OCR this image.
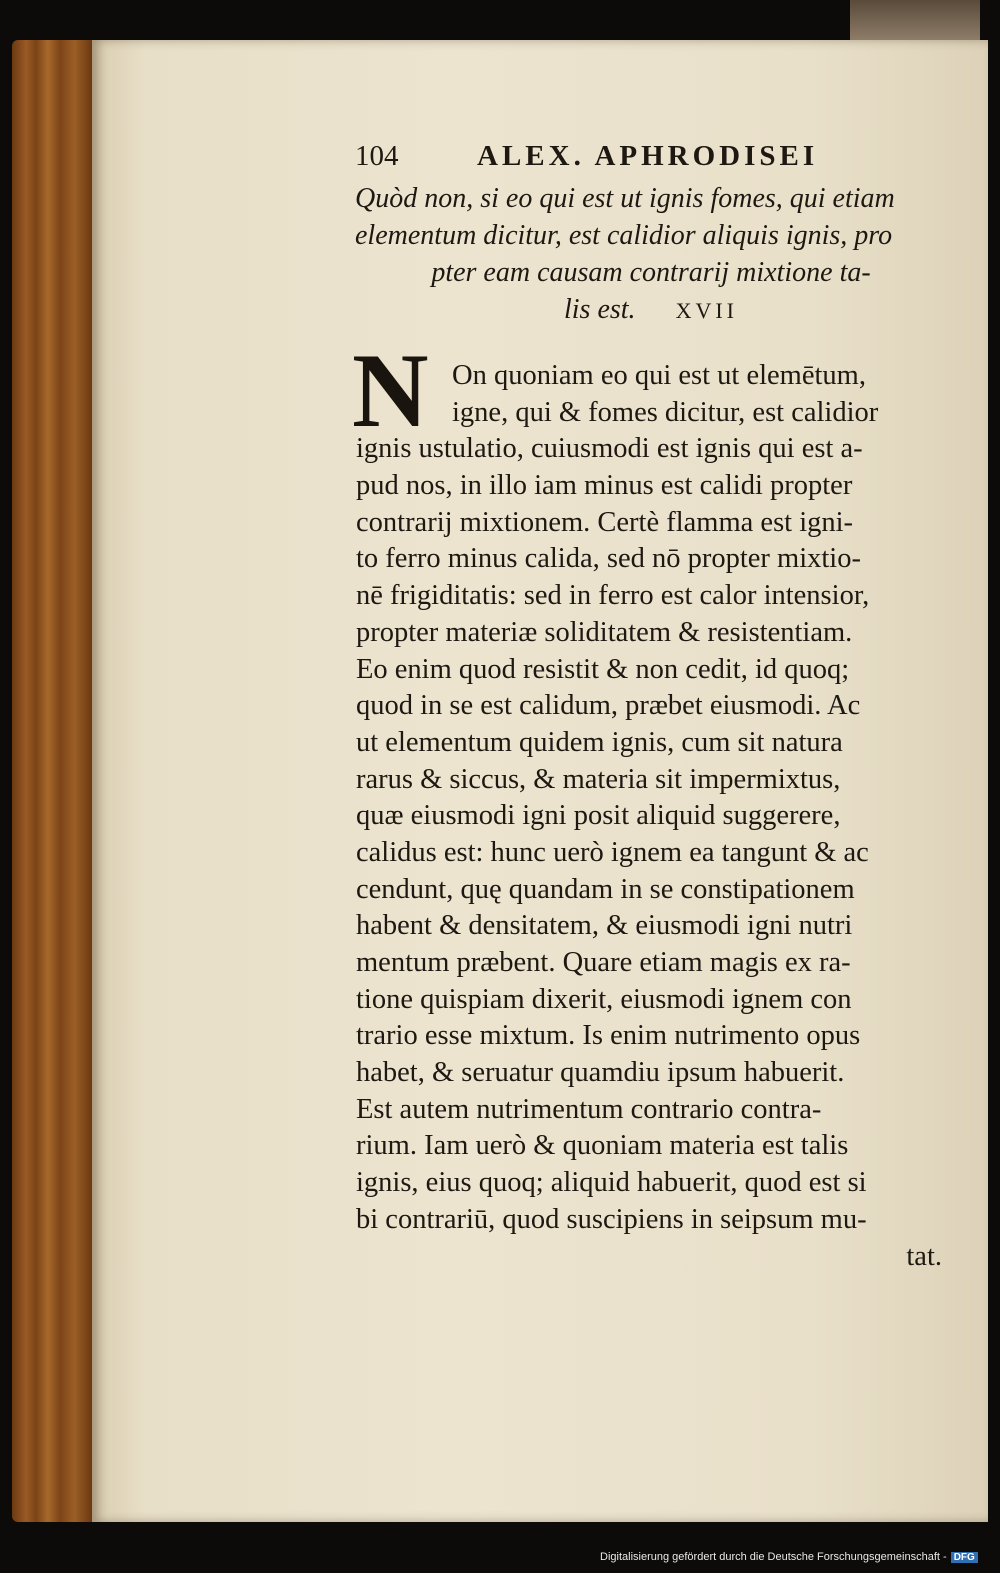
104	ALEX. APHRODISEI
Quòd non, si eo qui est ut ignis fomes, qui etiam
elementum dicitur, est calidior aliquis ignis, pro
pter eam causam contrarij mixtione ta-
lis est. XVII
N On quoniam eo qui est ut elemētum,
igne, qui & fomes dicitur, est calidior
ignis ustulatio, cuiusmodi est ignis qui est a-
pud nos, in illo iam minus est calidi propter
contrarij mixtionem. Certè flamma est igni-
to ferro minus calida, sed nō propter mixtio-
nē frigiditatis: sed in ferro est calor intensior,
propter materiæ soliditatem & resistentiam.
Eo enim quod resistit & non cedit, id quoq;
quod in se est calidum, præbet eiusmodi. Ac
ut elementum quidem ignis, cum sit natura
rarus & siccus, & materia sit impermixtus,
quæ eiusmodi igni posit aliquid suggerere,
calidus est: hunc uerò ignem ea tangunt & ac
cendunt, quę quandam in se constipationem
habent & densitatem, & eiusmodi igni nutri
mentum præbent. Quare etiam magis ex ra-
tione quispiam dixerit, eiusmodi ignem con
trario esse mixtum. Is enim nutrimento opus
habet, & seruatur quamdiu ipsum habuerit.
Est autem nutrimentum contrario contra-
rium. Iam uerò & quoniam materia est talis
ignis, eius quoq; aliquid habuerit, quod est si
bi contrariū, quod suscipiens in seipsum mu-
tat.
Digitalisierung gefördert durch die Deutsche Forschungsgemeinschaft - DFG
